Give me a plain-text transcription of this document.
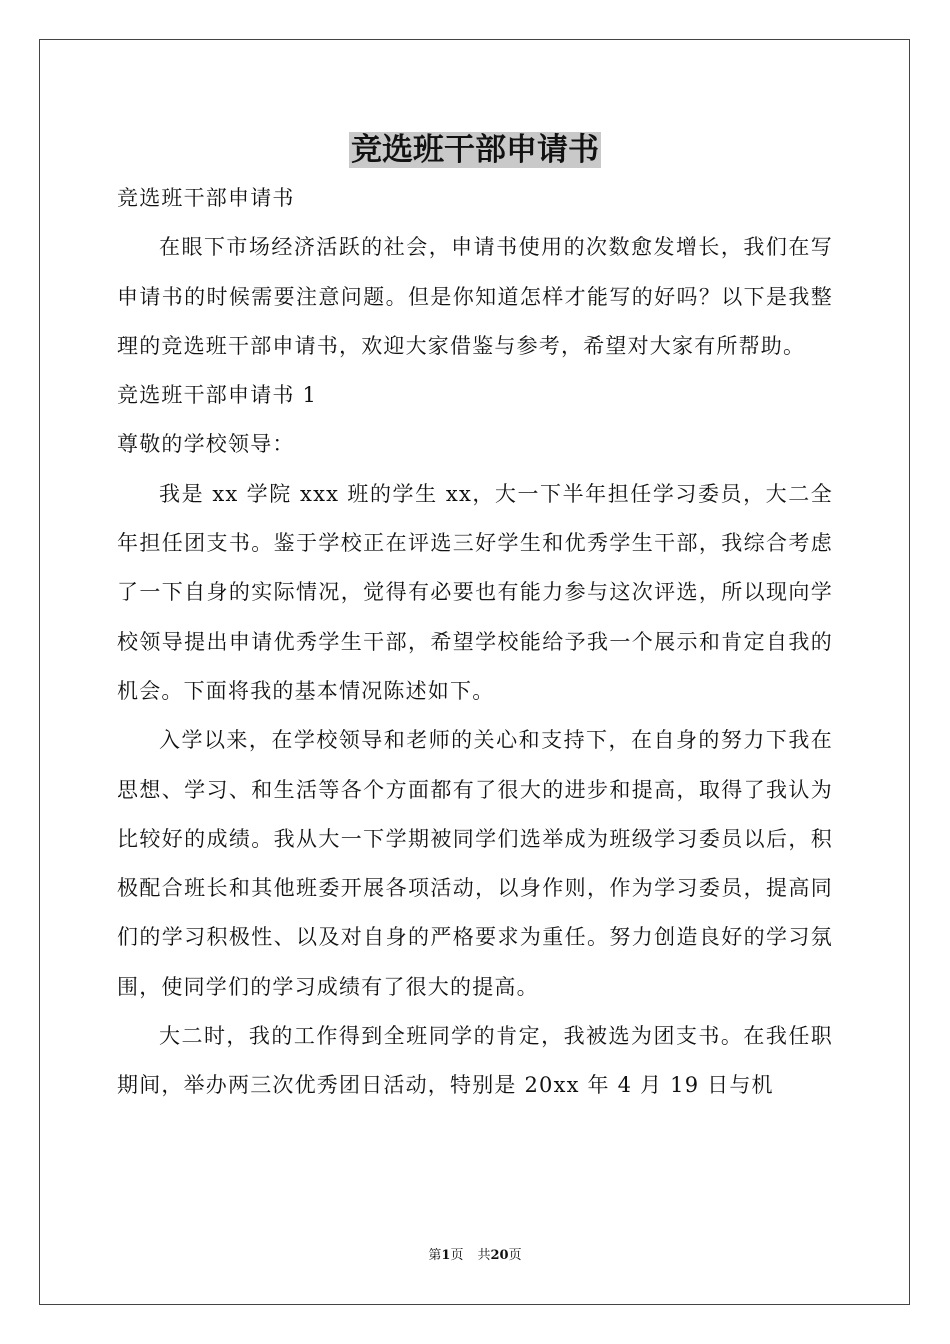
竞选班干部申请书

竞选班干部申请书

在眼下市场经济活跃的社会，申请书使用的次数愈发增长，我们在写申请书的时候需要注意问题。但是你知道怎样才能写的好吗？以下是我整理的竞选班干部申请书，欢迎大家借鉴与参考，希望对大家有所帮助。

竞选班干部申请书 1

尊敬的学校领导：

我是 xx 学院 xxx 班的学生 xx，大一下半年担任学习委员，大二全年担任团支书。鉴于学校正在评选三好学生和优秀学生干部，我综合考虑了一下自身的实际情况，觉得有必要也有能力参与这次评选，所以现向学校领导提出申请优秀学生干部，希望学校能给予我一个展示和肯定自我的机会。下面将我的基本情况陈述如下。

入学以来，在学校领导和老师的关心和支持下，在自身的努力下我在思想、学习、和生活等各个方面都有了很大的进步和提高，取得了我认为比较好的成绩。我从大一下学期被同学们选举成为班级学习委员以后，积极配合班长和其他班委开展各项活动，以身作则，作为学习委员，提高同们的学习积极性、以及对自身的严格要求为重任。努力创造良好的学习氛围，使同学们的学习成绩有了很大的提高。

大二时，我的工作得到全班同学的肯定，我被选为团支书。在我任职期间，举办两三次优秀团日活动，特别是 20xx 年 4 月 19 日与机

第1页 共20页
